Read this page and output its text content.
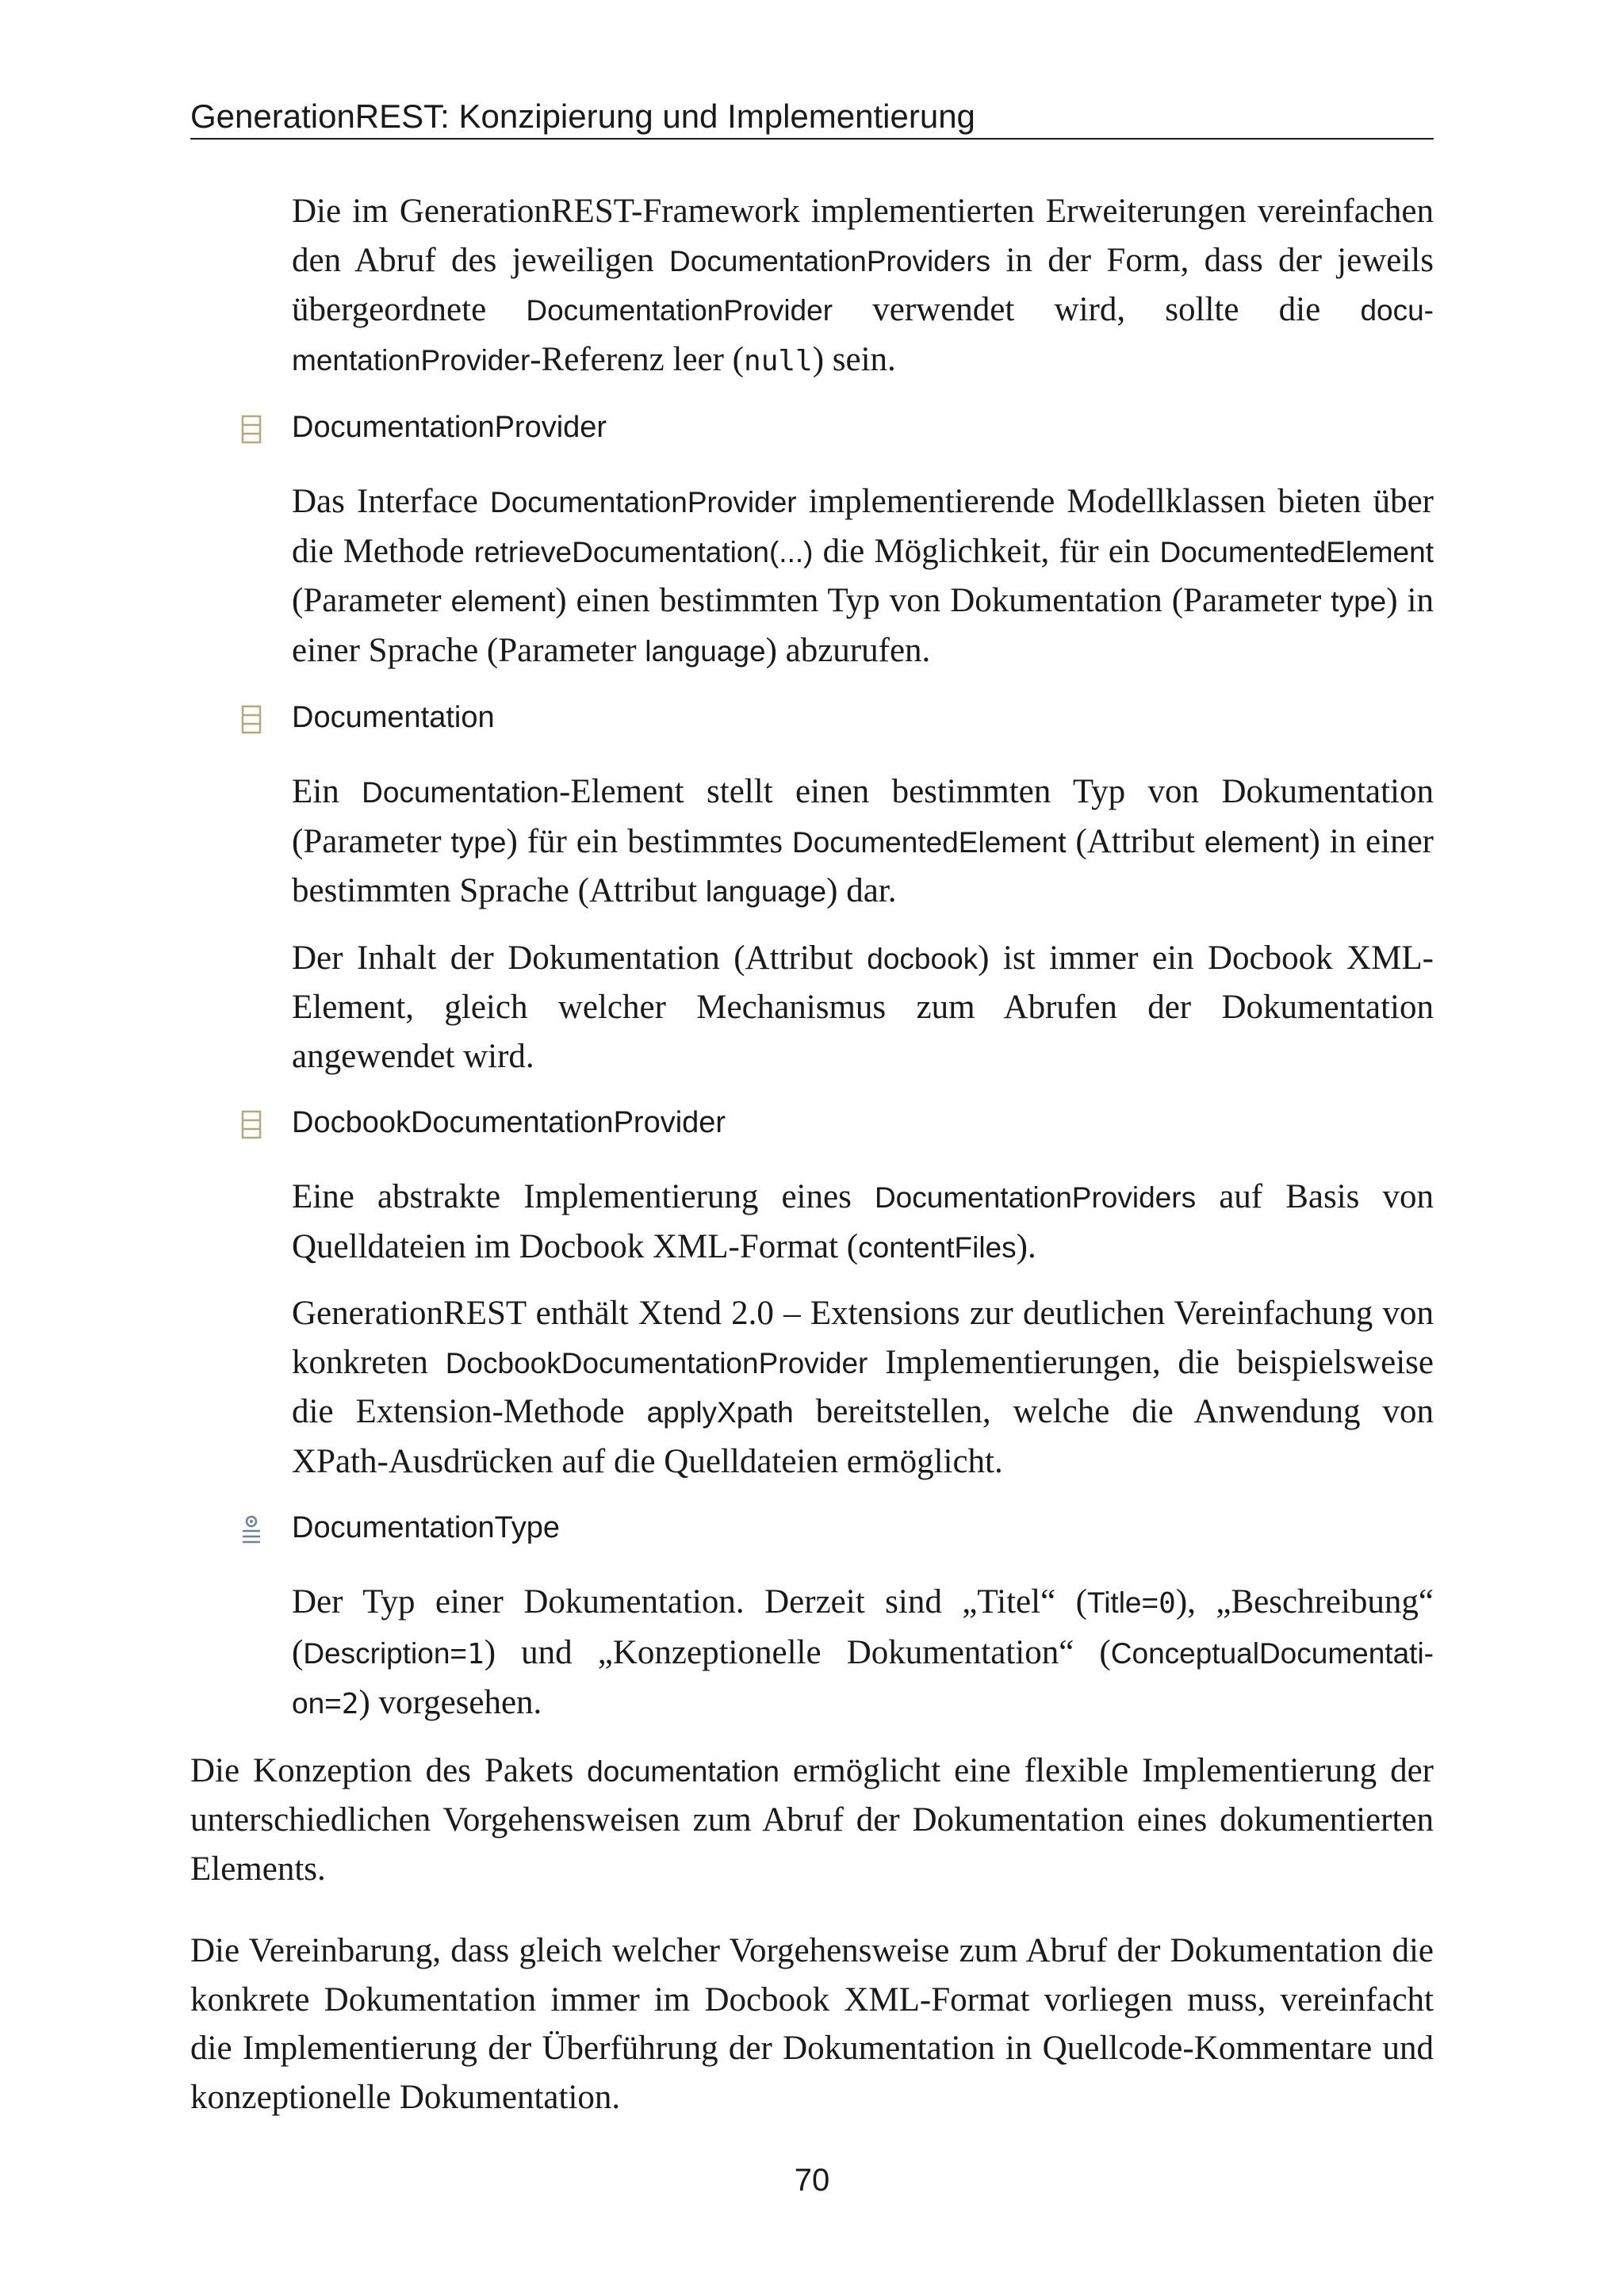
GenerationREST: Konzipierung und Implementierung

Die im GenerationREST-Framework implementierten Erweiterungen vereinfachen den Abruf des jeweiligen DocumentationProviders in der Form, dass der jeweils übergeordnete DocumentationProvider verwendet wird, sollte die documentationProvider-Referenz leer (null) sein.

DocumentationProvider

Das Interface DocumentationProvider implementierende Modellklassen bieten über die Methode retrieveDocumentation(...) die Möglichkeit, für ein DocumentedElement (Parameter element) einen bestimmten Typ von Dokumentation (Parameter type) in einer Sprache (Parameter language) abzurufen.

Documentation

Ein Documentation-Element stellt einen bestimmten Typ von Dokumentation (Parameter type) für ein bestimmtes DocumentedElement (Attribut element) in einer bestimmten Sprache (Attribut language) dar.

Der Inhalt der Dokumentation (Attribut docbook) ist immer ein Docbook XML-Element, gleich welcher Mechanismus zum Abrufen der Dokumentation angewendet wird.

DocbookDocumentationProvider

Eine abstrakte Implementierung eines DocumentationProviders auf Basis von Quelldateien im Docbook XML-Format (contentFiles).

GenerationREST enthält Xtend 2.0 – Extensions zur deutlichen Vereinfachung von konkreten DocbookDocumentationProvider Implementierungen, die beispielsweise die Extension-Methode applyXpath bereitstellen, welche die Anwendung von XPath-Ausdrücken auf die Quelldateien ermöglicht.

DocumentationType

Der Typ einer Dokumentation. Derzeit sind „Titel“ (Title=0), „Beschreibung“ (Description=1) und „Konzeptionelle Dokumentation“ (ConceptualDocumentation=2) vorgesehen.

Die Konzeption des Pakets documentation ermöglicht eine flexible Implementierung der unterschiedlichen Vorgehensweisen zum Abruf der Dokumentation eines dokumentierten Elements.

Die Vereinbarung, dass gleich welcher Vorgehensweise zum Abruf der Dokumentation die konkrete Dokumentation immer im Docbook XML-Format vorliegen muss, vereinfacht die Implementierung der Überführung der Dokumentation in Quellcode-Kommentare und konzeptionelle Dokumentation.

70
